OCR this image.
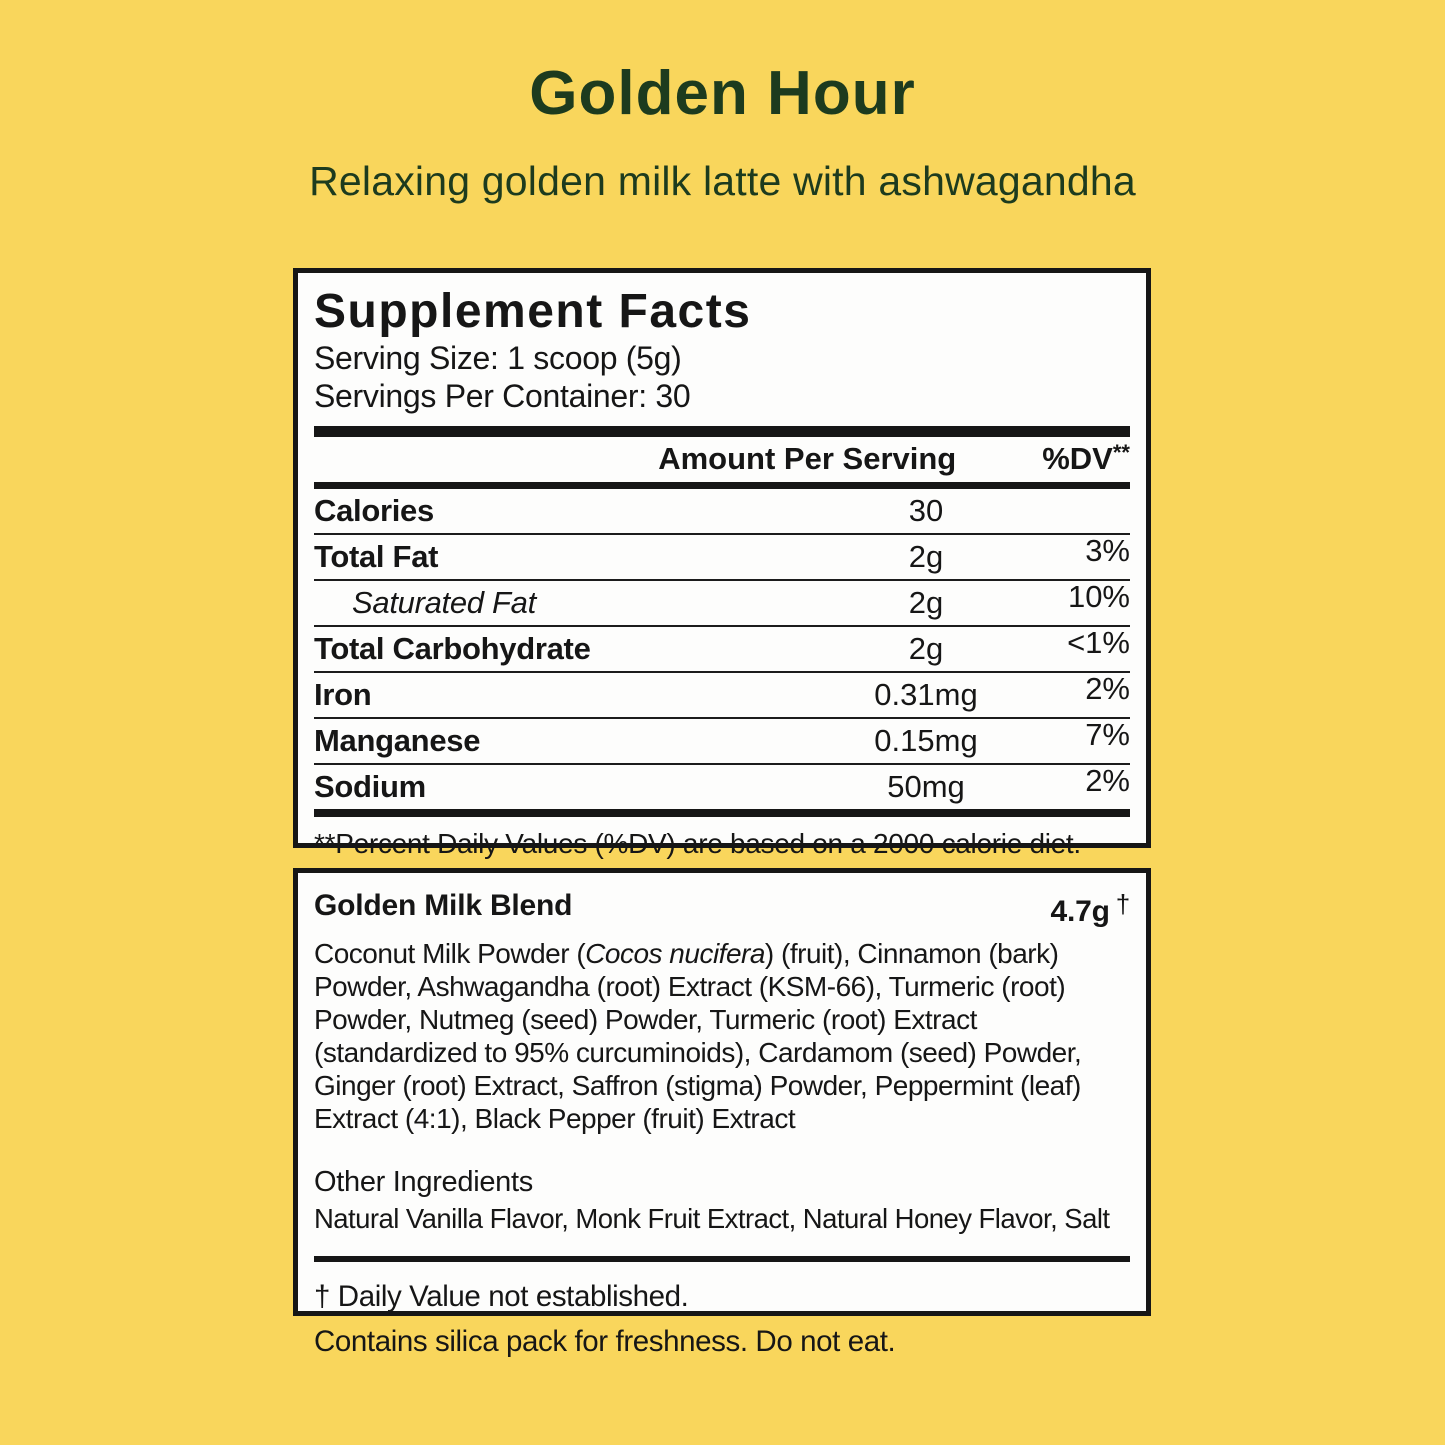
Golden Hour
Relaxing golden milk latte with ashwagandha
Supplement Facts
Serving Size: 1 scoop (5g)
Servings Per Container: 30
Amount Per Serving	%DV**
Calories	30
Total Fat	2g	3%
Saturated Fat	2g	10%
Total Carbohydrate	2g	<1%
Iron	0.31mg	2%
Manganese	0.15mg	7%
Sodium	50mg	2%
**Percent Daily Values (%DV) are based on a 2000 calorie diet.
Golden Milk Blend	4.7g †
Coconut Milk Powder (Cocos nucifera) (fruit), Cinnamon (bark)
Powder, Ashwagandha (root) Extract (KSM-66), Turmeric (root)
Powder, Nutmeg (seed) Powder, Turmeric (root) Extract
(standardized to 95% curcuminoids), Cardamom (seed) Powder,
Ginger (root) Extract, Saffron (stigma) Powder, Peppermint (leaf)
Extract (4:1), Black Pepper (fruit) Extract
Other Ingredients
Natural Vanilla Flavor, Monk Fruit Extract, Natural Honey Flavor, Salt
† Daily Value not established.
Contains silica pack for freshness. Do not eat.
